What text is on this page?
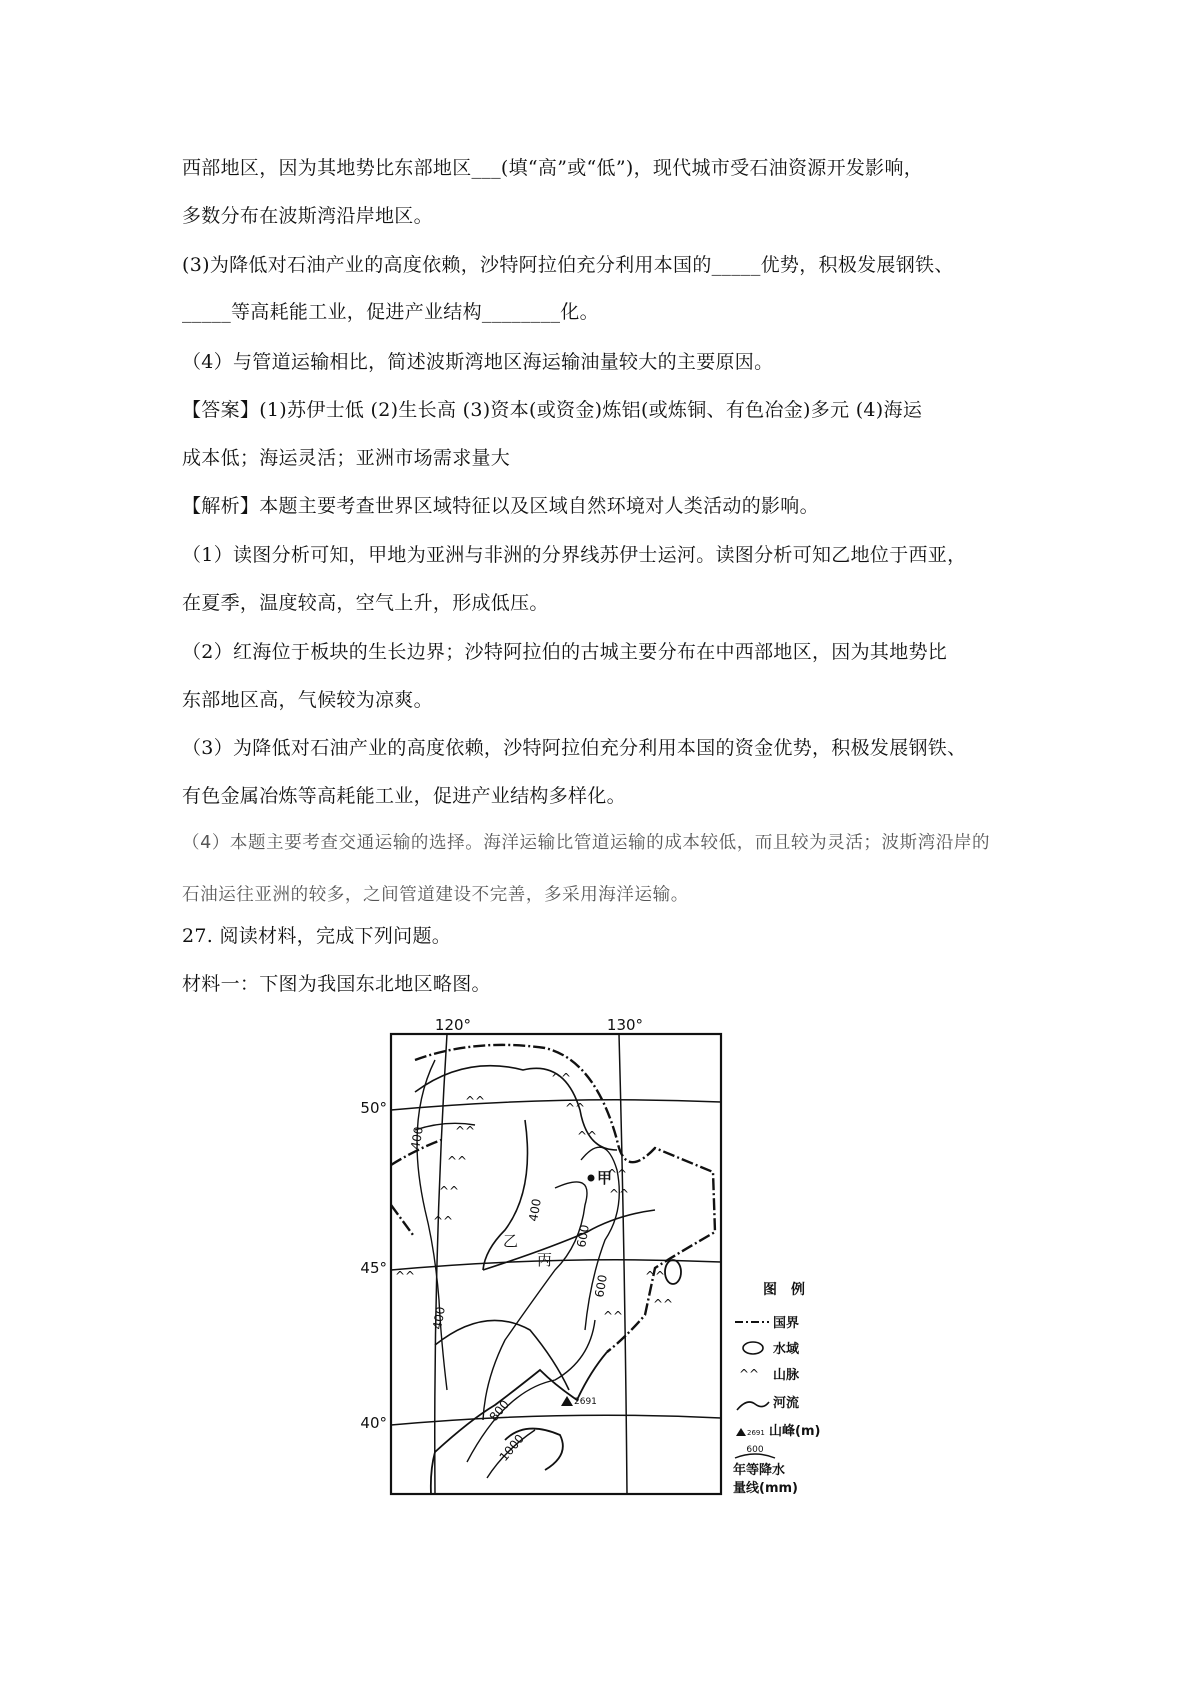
西部地区，因为其地势比东部地区___(填“高”或“低”)，现代城市受石油资源开发影响，
多数分布在波斯湾沿岸地区。
(3)为降低对石油产业的高度依赖，沙特阿拉伯充分利用本国的_____优势，积极发展钢铁、
_____等高耗能工业，促进产业结构________化。
（4）与管道运输相比，简述波斯湾地区海运输油量较大的主要原因。
【答案】(1)苏伊士低 (2)生长高 (3)资本(或资金)炼铝(或炼铜、有色冶金)多元 (4)海运
成本低；海运灵活；亚洲市场需求量大
【解析】本题主要考查世界区域特征以及区域自然环境对人类活动的影响。
（1）读图分析可知，甲地为亚洲与非洲的分界线苏伊士运河。读图分析可知乙地位于西亚，
在夏季，温度较高，空气上升，形成低压。
（2）红海位于板块的生长边界；沙特阿拉伯的古城主要分布在中西部地区，因为其地势比
东部地区高，气候较为凉爽。
（3）为降低对石油产业的高度依赖，沙特阿拉伯充分利用本国的资金优势，积极发展钢铁、
有色金属冶炼等高耗能工业，促进产业结构多样化。
（4）本题主要考查交通运输的选择。海洋运输比管道运输的成本较低，而且较为灵活；波斯湾沿岸的
石油运往亚洲的较多，之间管道建设不完善，多采用海洋运输。
27. 阅读材料，完成下列问题。
材料一：下图为我国东北地区略图。
120°	130°
50°
45°
40°
400
400
400
600
600
800
1000
^^
^^
^^
^^
^^
^^
^^
^^
^^
^^
^^
^^
^^
^^
甲
乙
丙
2691
图　例
国界
水域
^^ 山脉
河流
2691 山峰(m)
600
年等降水
量线(mm)
